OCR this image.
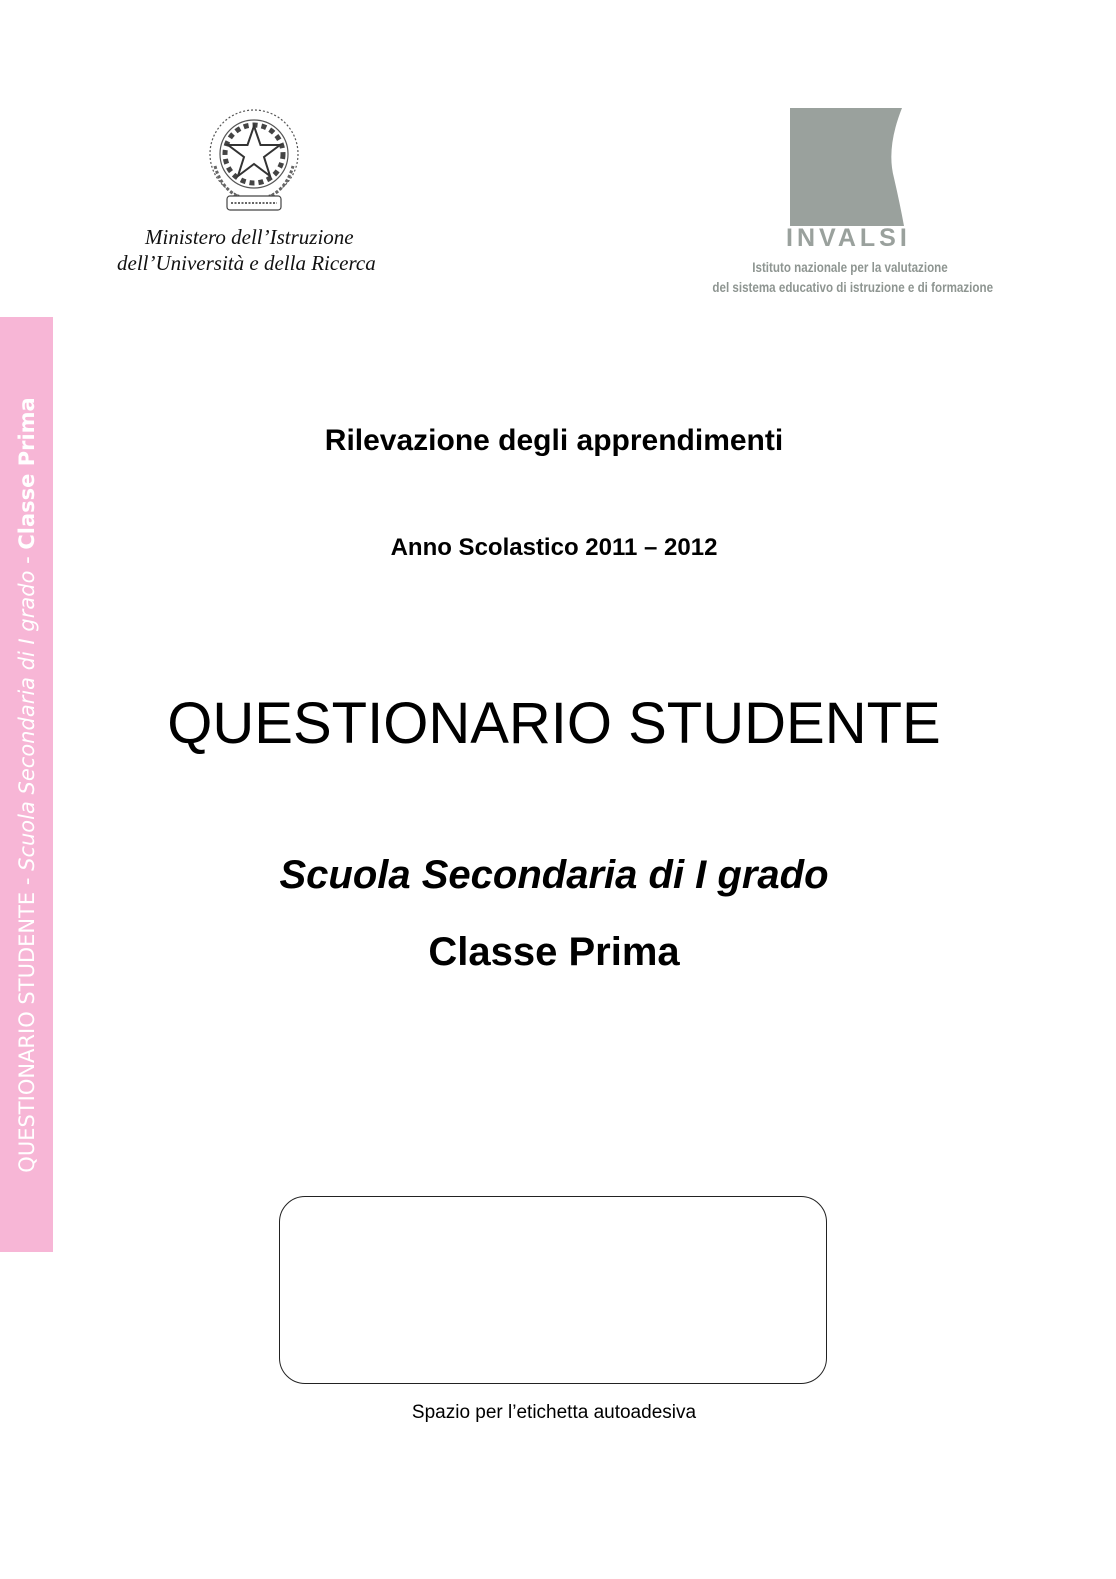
Ministero dell’Istruzione
dell’Università e della Ricerca
INVALSI
Istituto nazionale per la valutazione
del sistema educativo di istruzione e di formazione
QUESTIONARIO STUDENTE - Scuola Secondaria di I grado - Classe Prima	Rilevazione degli apprendimenti
Anno Scolastico 2011 – 2012
QUESTIONARIO STUDENTE
Scuola Secondaria di I grado
Classe Prima
Spazio per l’etichetta autoadesiva
